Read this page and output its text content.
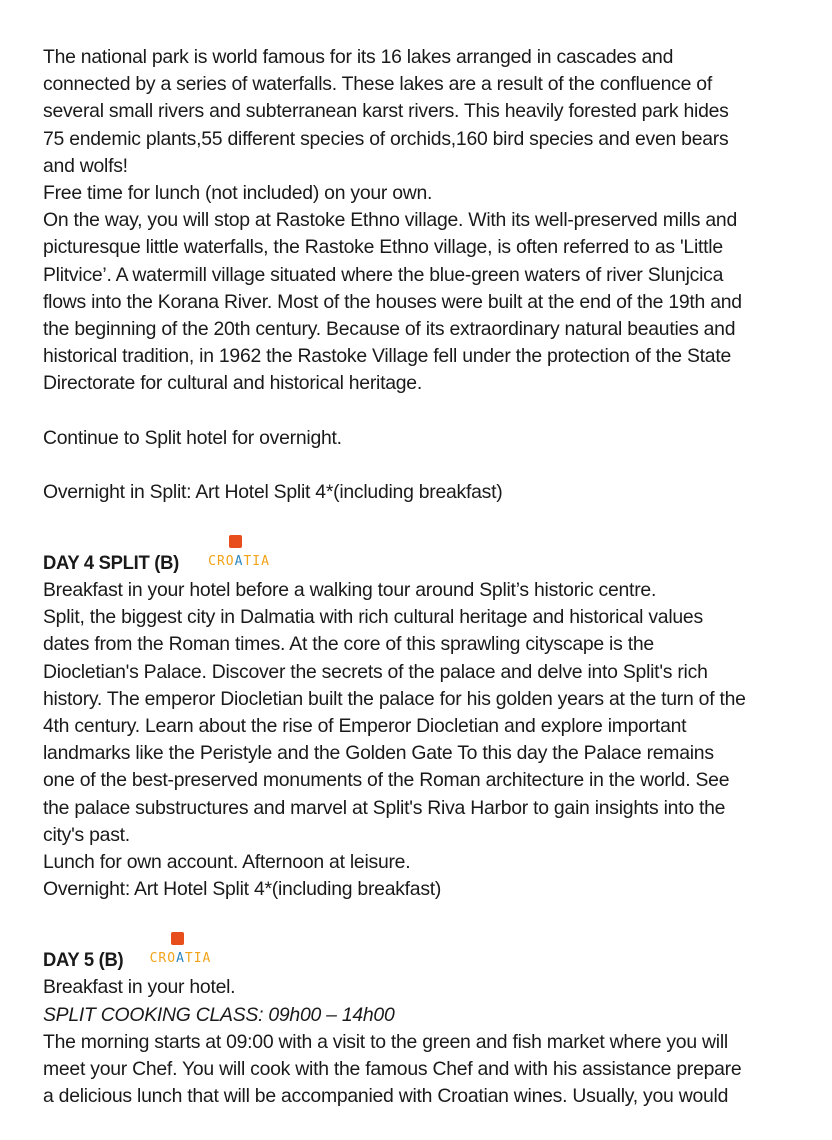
The national park is world famous for its 16 lakes arranged in cascades and
connected by a series of waterfalls. These lakes are a result of the confluence of
several small rivers and subterranean karst rivers. This heavily forested park hides
75 endemic plants,55 different species of orchids,160 bird species and even bears
and wolfs!
Free time for lunch (not included) on your own.
On the way, you will stop at Rastoke Ethno village. With its well-preserved mills and
picturesque little waterfalls, the Rastoke Ethno village, is often referred to as 'Little
Plitvice’. A watermill village situated where the blue-green waters of river Slunjcica
flows into the Korana River. Most of the houses were built at the end of the 19th and
the beginning of the 20th century. Because of its extraordinary natural beauties and
historical tradition, in 1962 the Rastoke Village fell under the protection of the State
Directorate for cultural and historical heritage.
Continue to Split hotel for overnight.
Overnight in Split: Art Hotel Split 4*(including breakfast)
DAY 4 SPLIT (B) CROATIA
Breakfast in your hotel before a walking tour around Split’s historic centre.
Split, the biggest city in Dalmatia with rich cultural heritage and historical values
dates from the Roman times. At the core of this sprawling cityscape is the
Diocletian's Palace. Discover the secrets of the palace and delve into Split's rich
history. The emperor Diocletian built the palace for his golden years at the turn of the
4th century. Learn about the rise of Emperor Diocletian and explore important
landmarks like the Peristyle and the Golden Gate To this day the Palace remains
one of the best-preserved monuments of the Roman architecture in the world. See
the palace substructures and marvel at Split's Riva Harbor to gain insights into the
city's past.
Lunch for own account. Afternoon at leisure.
Overnight: Art Hotel Split 4*(including breakfast)
DAY 5 (B) CROATIA
Breakfast in your hotel.
SPLIT COOKING CLASS: 09h00 – 14h00
The morning starts at 09:00 with a visit to the green and fish market where you will
meet your Chef. You will cook with the famous Chef and with his assistance prepare
a delicious lunch that will be accompanied with Croatian wines. Usually, you would
